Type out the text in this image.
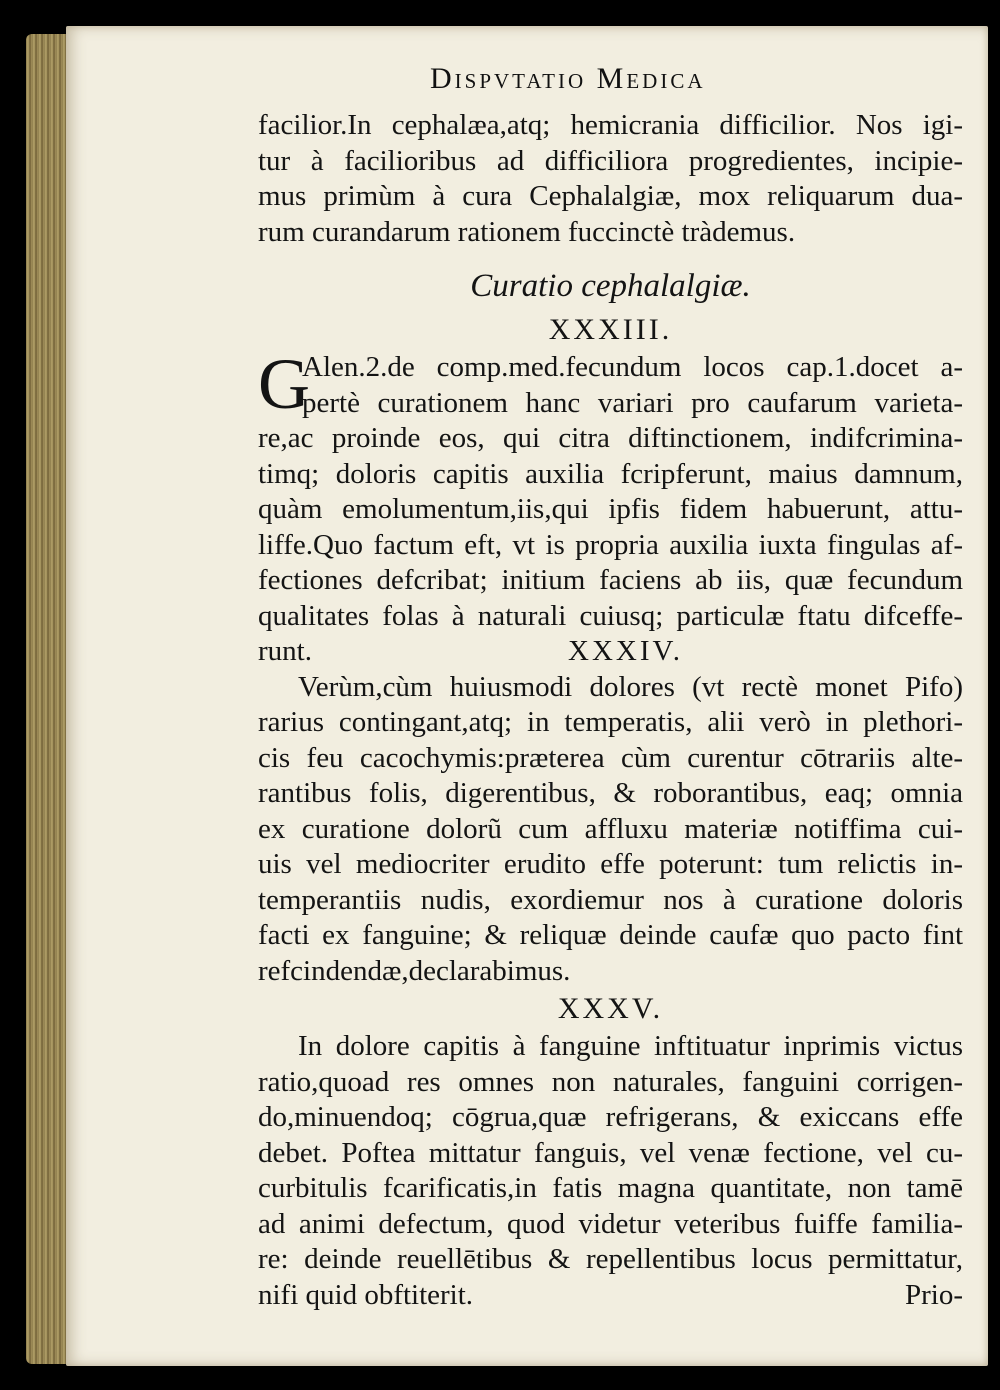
Dispvtatio Medica
facilior.In cephalæa,atq; hemicrania difficilior. Nos igi-
tur à facilioribus ad difficiliora progredientes, incipie-
mus primùm à cura Cephalalgiæ, mox reliquarum dua-
rum curandarum rationem fuccinctè tràdemus.
Curatio cephalalgiæ.
XXXIII.
G
Alen.2.de comp.med.fecundum locos cap.1.docet a-
pertè curationem hanc variari pro caufarum varieta-
re,ac proinde eos, qui citra diftinctionem, indifcrimina-
timq; doloris capitis auxilia fcripferunt, maius damnum,
quàm emolumentum,iis,qui ipfis fidem habuerunt, attu-
liffe.Quo factum eft, vt is propria auxilia iuxta fingulas af-
fectiones defcribat; initium faciens ab iis, quæ fecundum
qualitates folas à naturali cuiusq; particulæ ftatu difceffe-
runt.	XXXIV.
Verùm,cùm huiusmodi dolores (vt rectè monet Pifo)
rarius contingant,atq; in temperatis, alii verò in plethori-
cis feu cacochymis:præterea cùm curentur cōtrariis alte-
rantibus folis, digerentibus, & roborantibus, eaq; omnia
ex curatione dolorũ cum affluxu materiæ notiffima cui-
uis vel mediocriter erudito effe poterunt: tum relictis in-
temperantiis nudis, exordiemur nos à curatione doloris
facti ex fanguine; & reliquæ deinde caufæ quo pacto fint
refcindendæ,declarabimus.
XXXV.
In dolore capitis à fanguine inftituatur inprimis victus
ratio,quoad res omnes non naturales, fanguini corrigen-
do,minuendoq; cōgrua,quæ refrigerans, & exiccans effe
debet. Poftea mittatur fanguis, vel venæ fectione, vel cu-
curbitulis fcarificatis,in fatis magna quantitate, non tamē
ad animi defectum, quod videtur veteribus fuiffe familia-
re: deinde reuellētibus & repellentibus locus permittatur,
nifi quid obftiterit.	Prio-
